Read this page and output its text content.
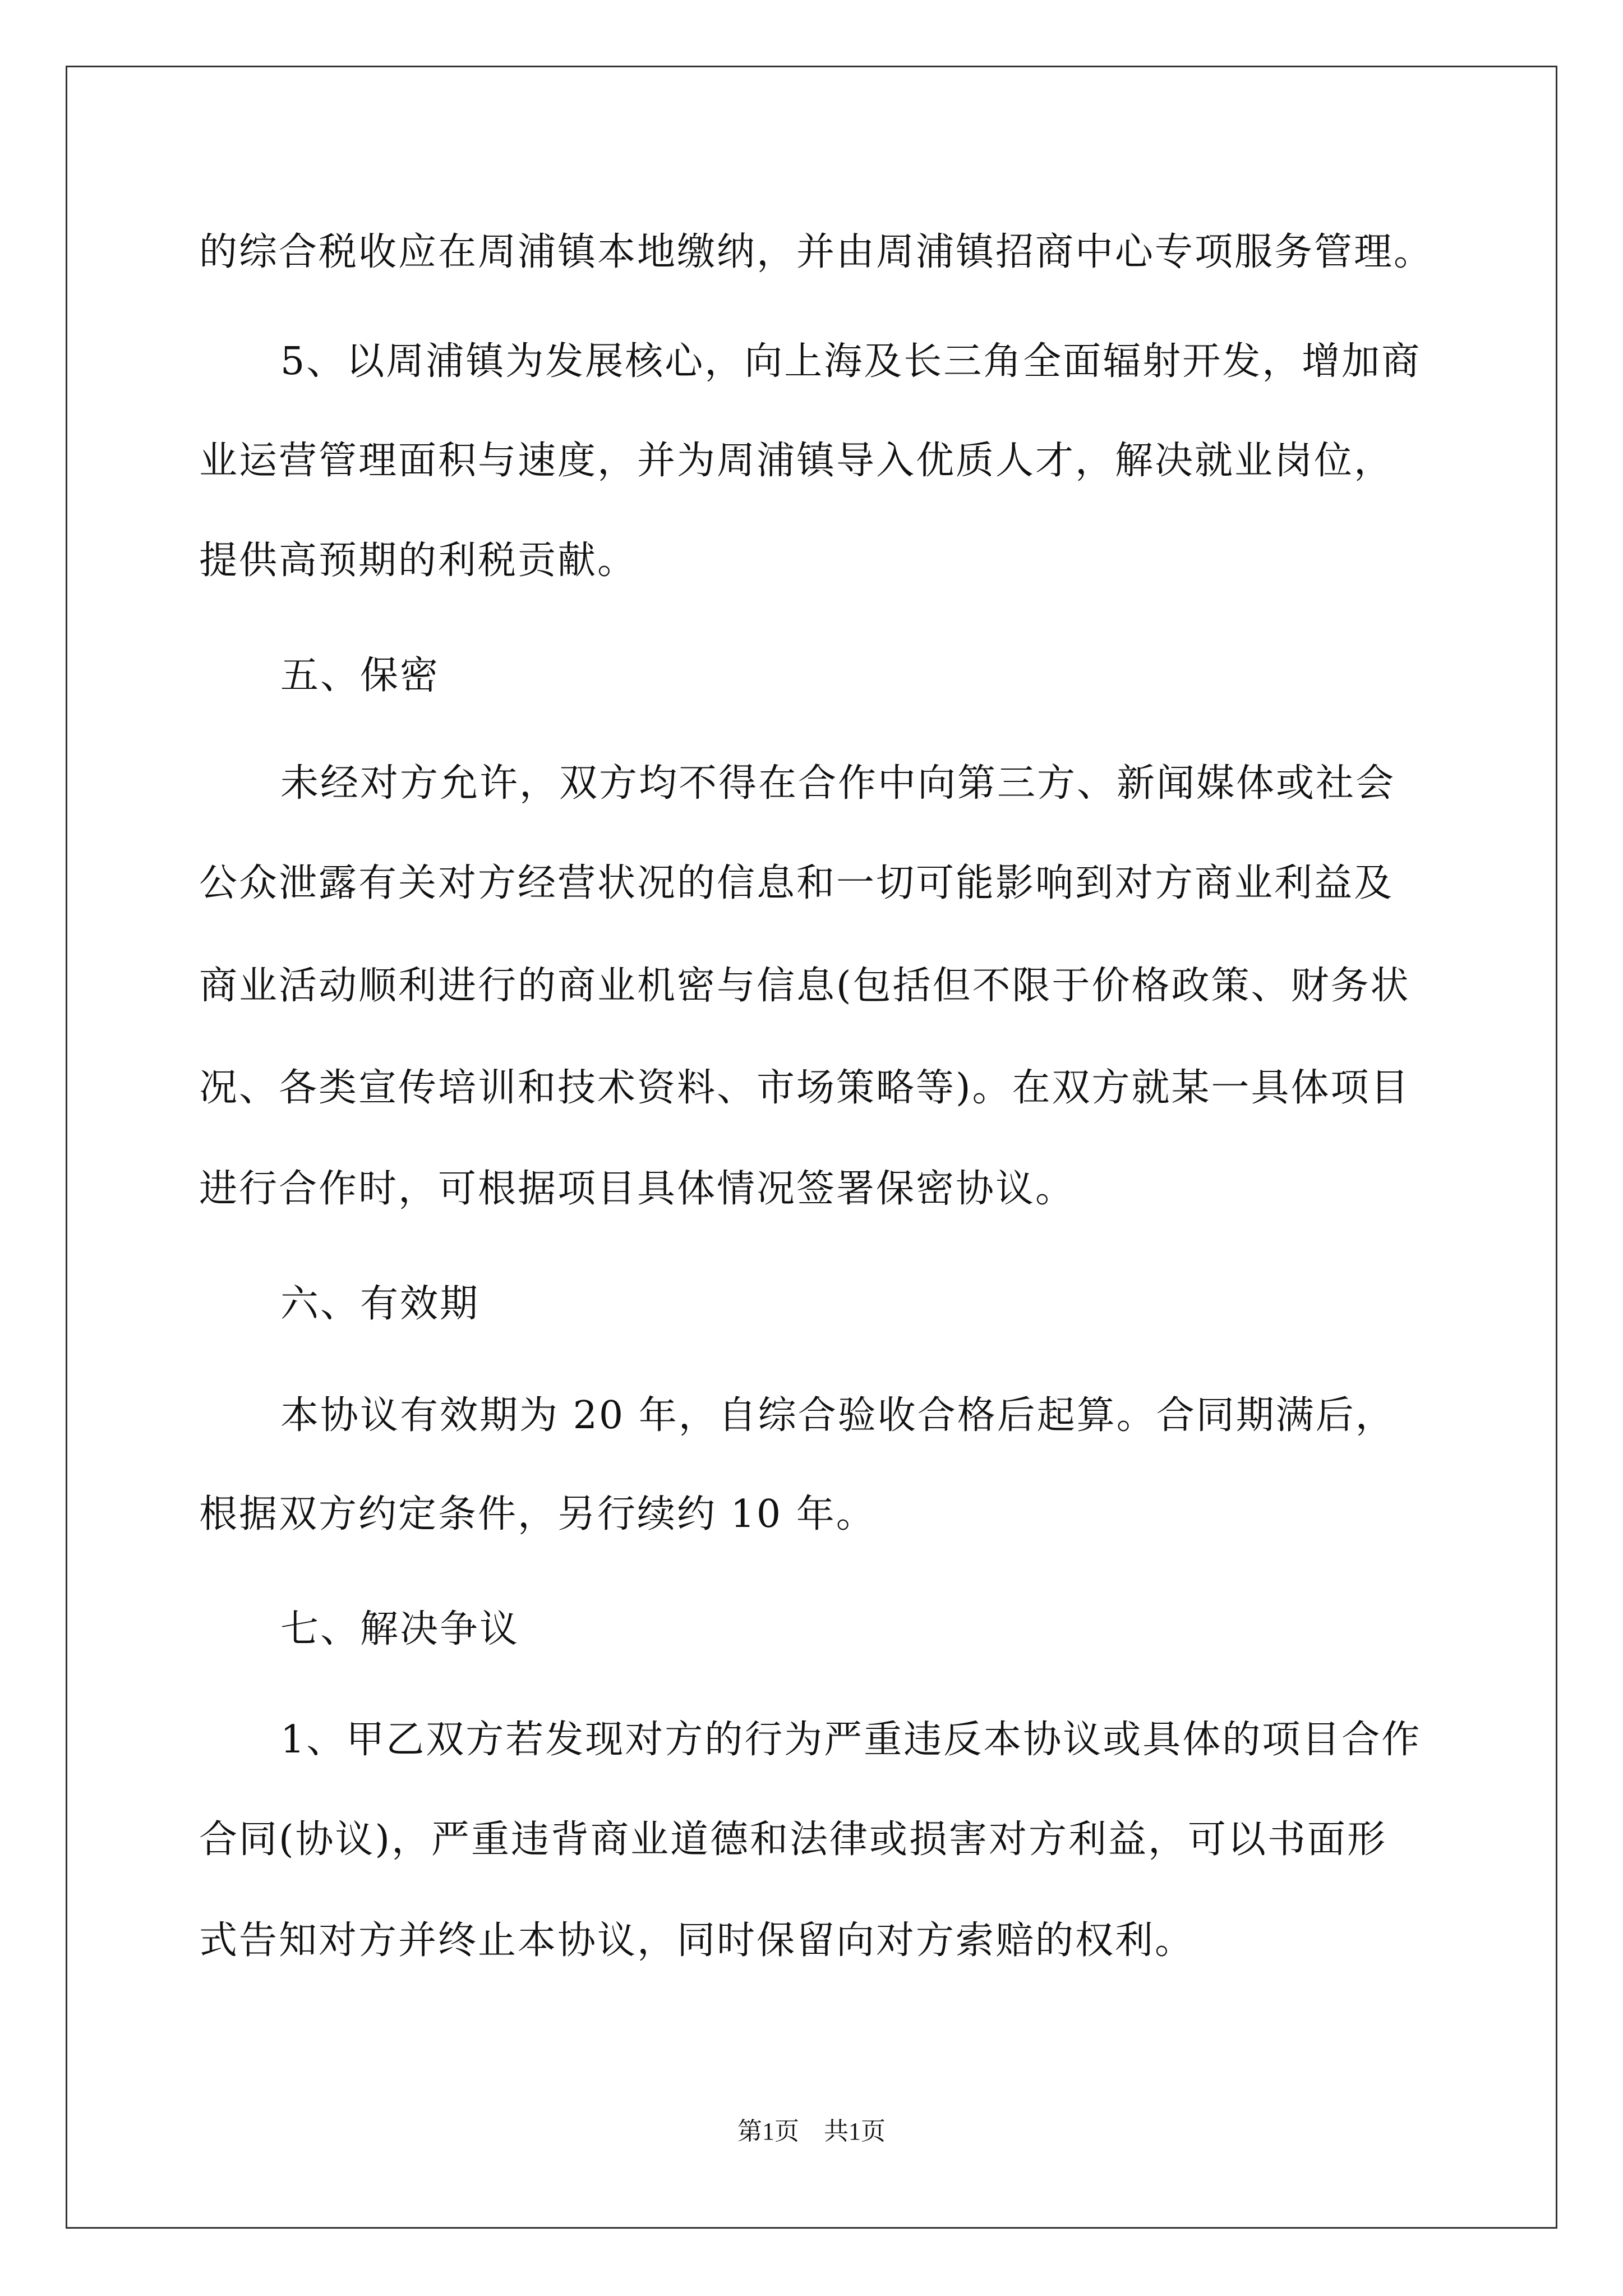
的综合税收应在周浦镇本地缴纳，并由周浦镇招商中心专项服务管理。
5、以周浦镇为发展核心，向上海及长三角全面辐射开发，增加商
业运营管理面积与速度，并为周浦镇导入优质人才，解决就业岗位，
提供高预期的利税贡献。
五、保密
未经对方允许，双方均不得在合作中向第三方、新闻媒体或社会
公众泄露有关对方经营状况的信息和一切可能影响到对方商业利益及
商业活动顺利进行的商业机密与信息(包括但不限于价格政策、财务状
况、各类宣传培训和技术资料、市场策略等)。在双方就某一具体项目
进行合作时，可根据项目具体情况签署保密协议。
六、有效期
本协议有效期为 20 年，自综合验收合格后起算。合同期满后，
根据双方约定条件，另行续约 10 年。
七、解决争议
1、甲乙双方若发现对方的行为严重违反本协议或具体的项目合作
合同(协议)，严重违背商业道德和法律或损害对方利益，可以书面形
式告知对方并终止本协议，同时保留向对方索赔的权利。
第1页　共1页
